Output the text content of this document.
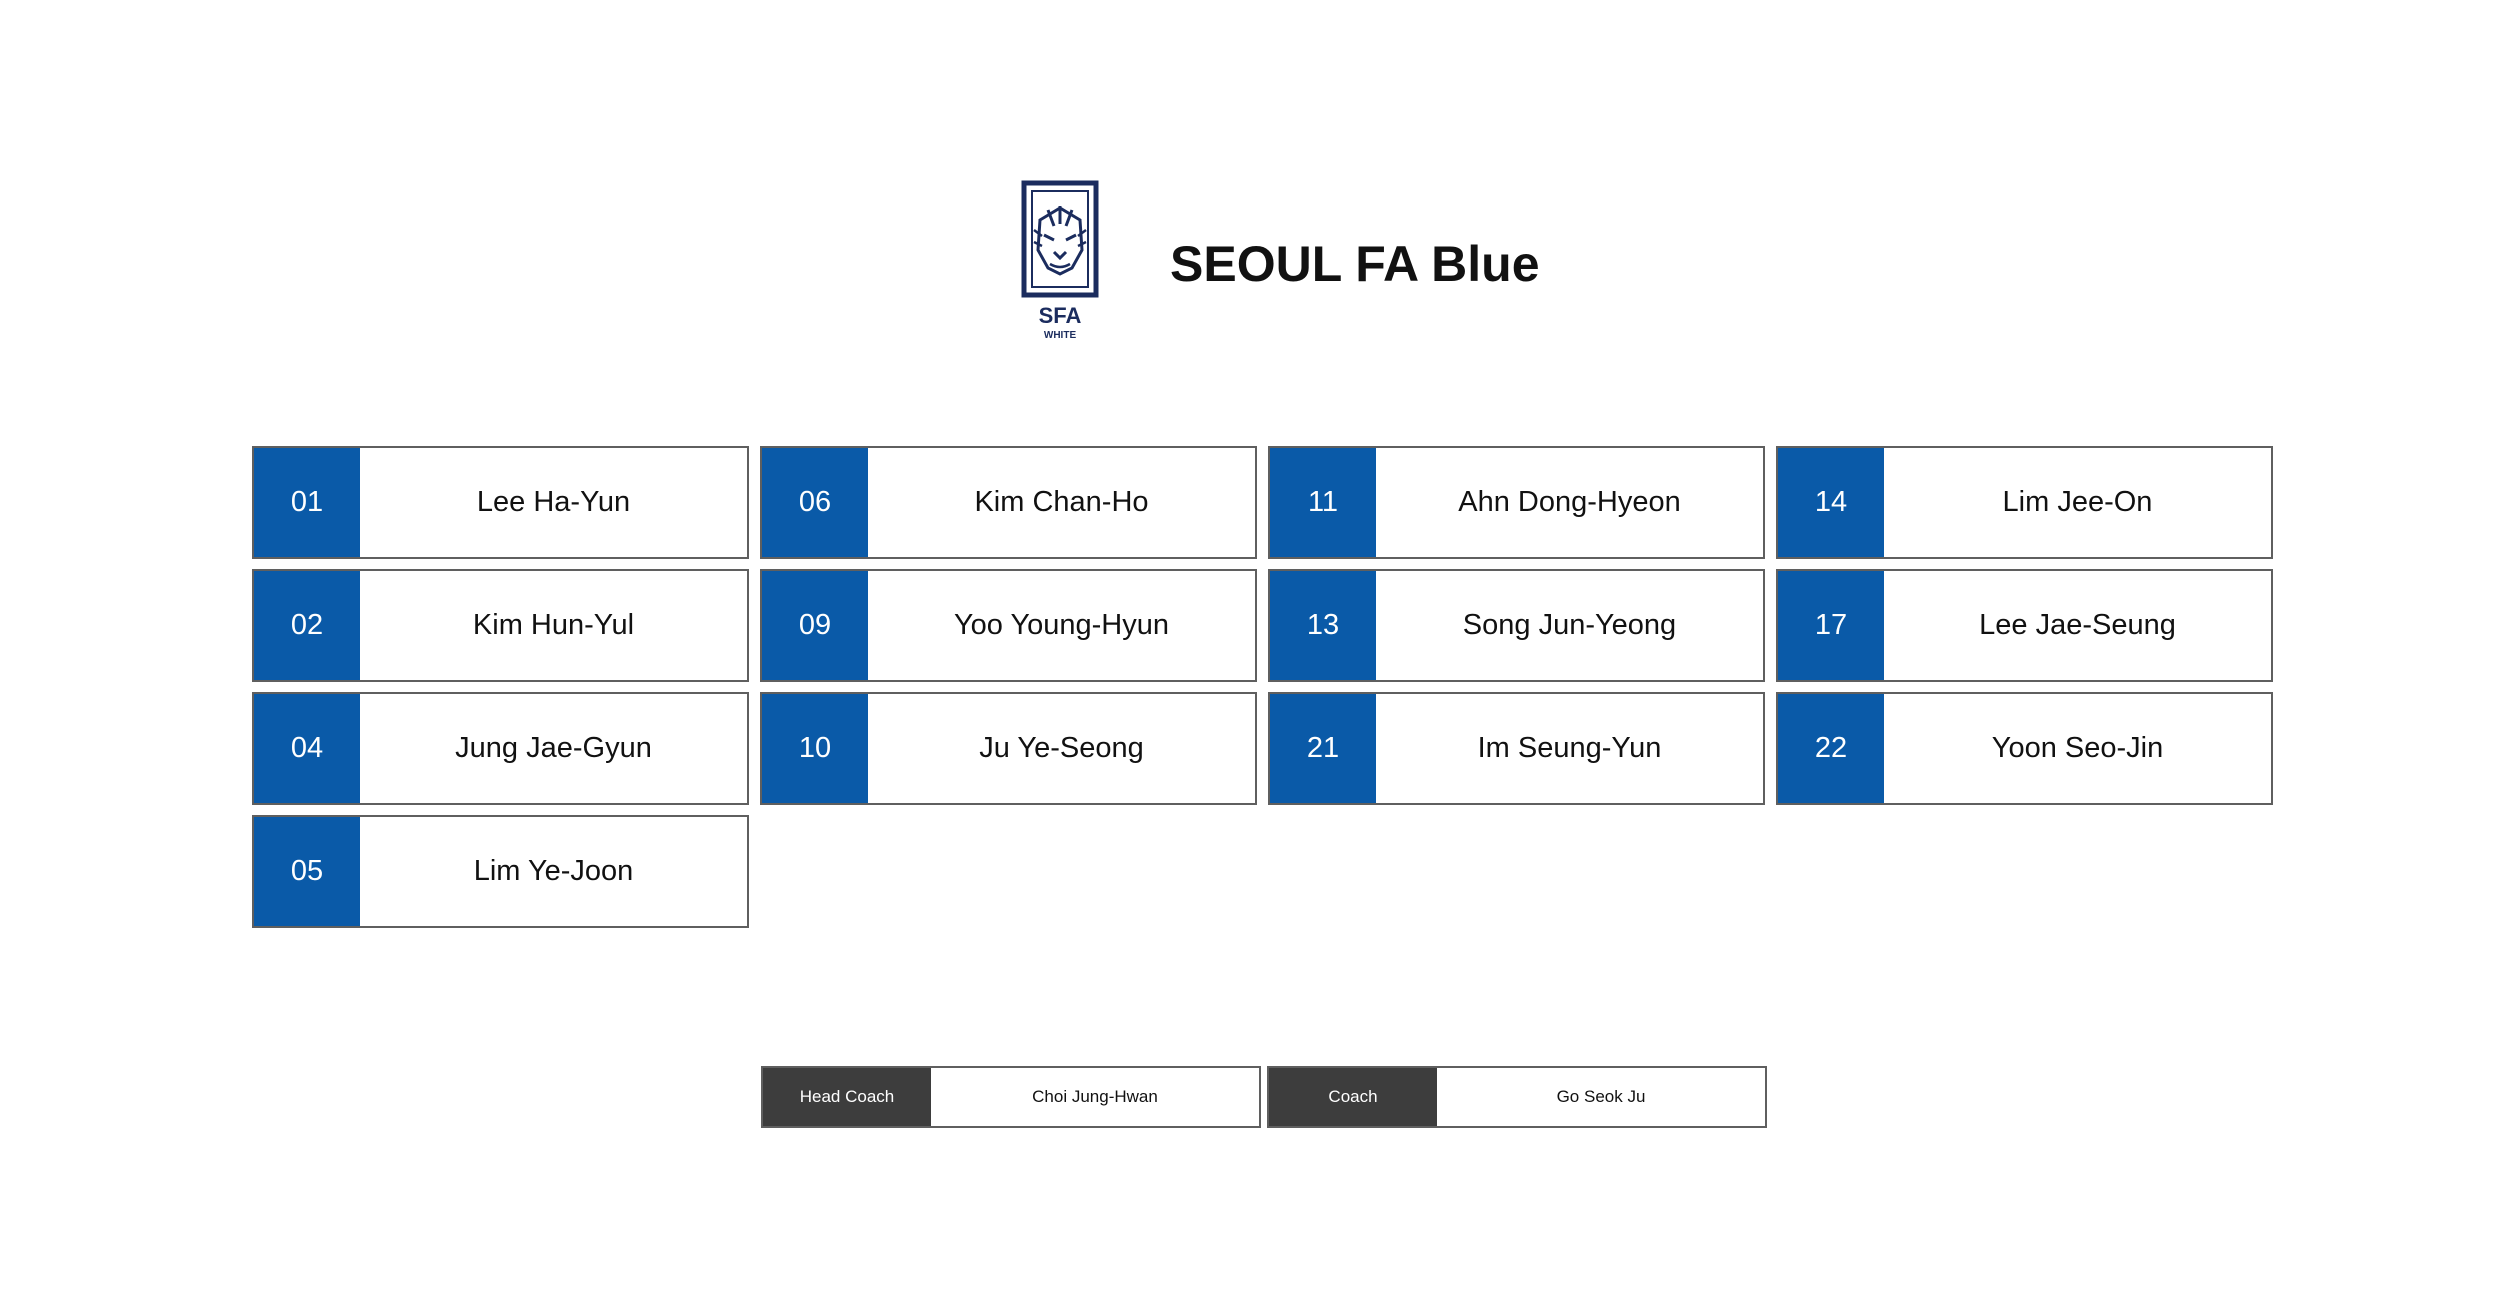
SFA
WHITE
SEOUL FA Blue
01	Lee Ha-Yun
02	Kim Hun-Yul
04	Jung Jae-Gyun
05	Lim Ye-Joon
06	Kim Chan-Ho
09	Yoo Young-Hyun
10	Ju Ye-Seong
11	Ahn Dong-Hyeon
13	Song Jun-Yeong
21	Im Seung-Yun
14	Lim Jee-On
17	Lee Jae-Seung
22	Yoon Seo-Jin
Head Coach	Choi Jung-Hwan	Coach	Go Seok Ju
